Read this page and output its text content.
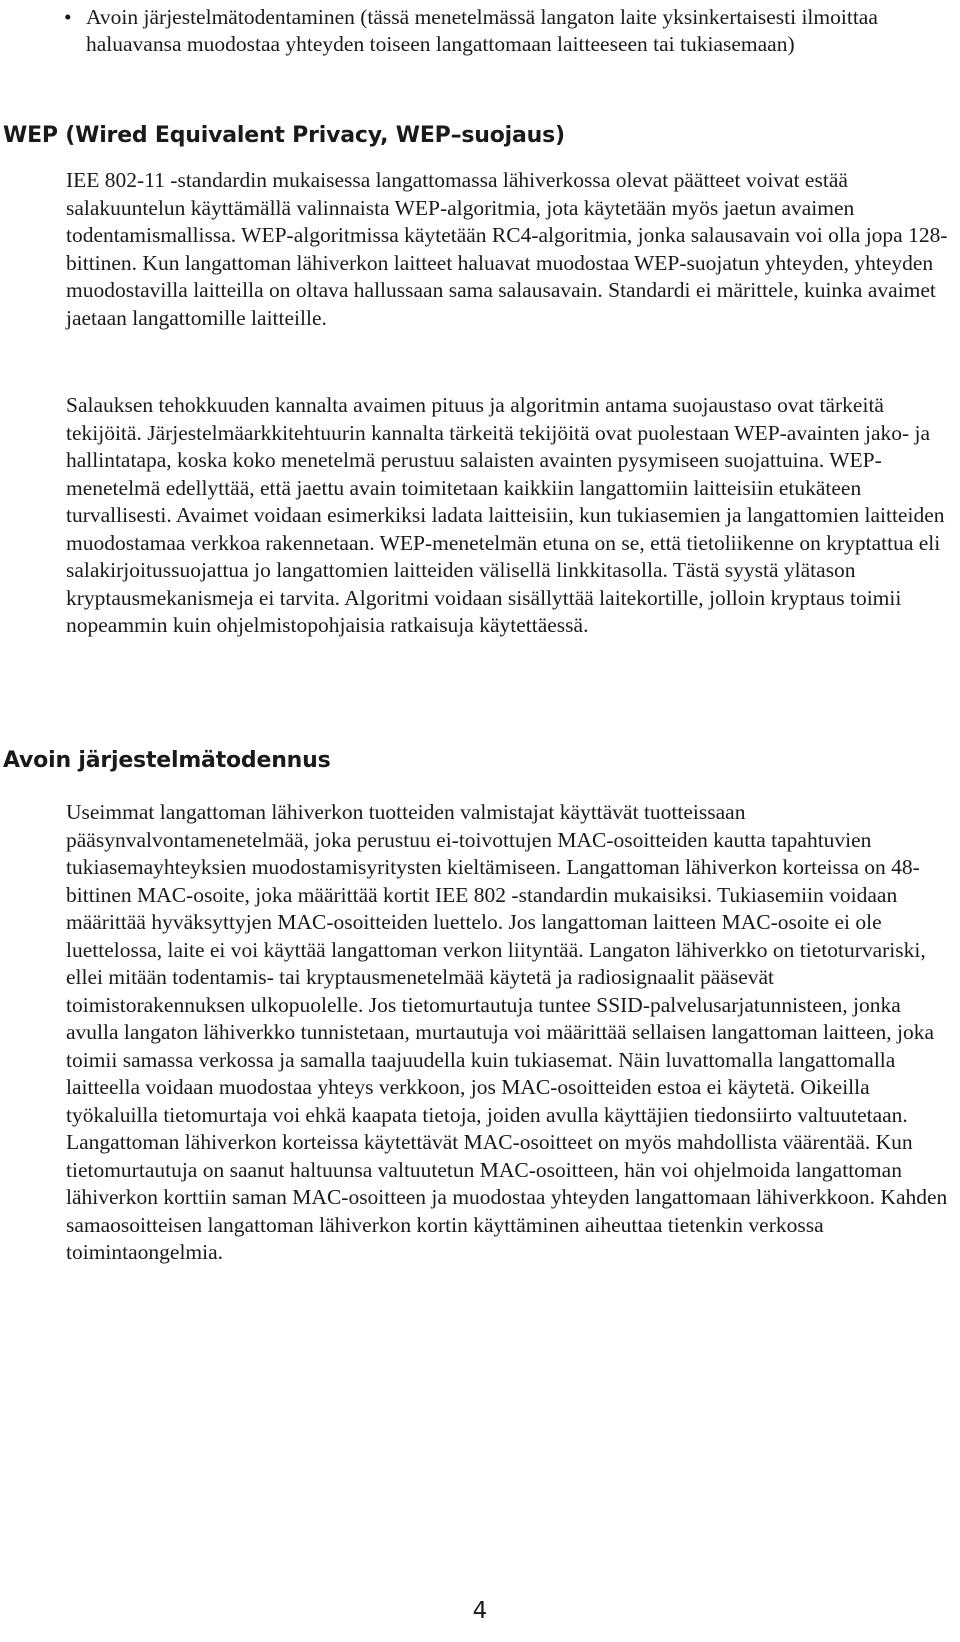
• Avoin järjestelmätodentaminen (tässä menetelmässä langaton laite yksinkertaisesti ilmoittaa haluavansa muodostaa yhteyden toiseen langattomaan laitteeseen tai tukiasemaan)
WEP (Wired Equivalent Privacy, WEP–suojaus)

IEE 802-11 -standardin mukaisessa langattomassa lähiverkossa olevat päätteet voivat estää salakuuntelun käyttämällä valinnaista WEP-algoritmia, jota käytetään myös jaetun avaimen todentamismallissa. WEP-algoritmissa käytetään RC4-algoritmia, jonka salausavain voi olla jopa 128-bittinen. Kun langattoman lähiverkon laitteet haluavat muodostaa WEP-suojatun yhteyden, yhteyden muodostavilla laitteilla on oltava hallussaan sama salausavain. Standardi ei märittele, kuinka avaimet jaetaan langattomille laitteille.

Salauksen tehokkuuden kannalta avaimen pituus ja algoritmin antama suojaustaso ovat tärkeitä tekijöitä. Järjestelmäarkkitehtuurin kannalta tärkeitä tekijöitä ovat puolestaan WEP-avainten jako- ja hallintatapa, koska koko menetelmä perustuu salaisten avainten pysymiseen suojattuina. WEP-menetelmä edellyttää, että jaettu avain toimitetaan kaikkiin langattomiin laitteisiin etukäteen turvallisesti. Avaimet voidaan esimerkiksi ladata laitteisiin, kun tukiasemien ja langattomien laitteiden muodostamaa verkkoa rakennetaan. WEP-menetelmän etuna on se, että tietoliikenne on kryptattua eli salakirjoitussuojattua jo langattomien laitteiden välisellä linkkitasolla. Tästä syystä ylätason kryptausmekanismeja ei tarvita. Algoritmi voidaan sisällyttää laitekortille, jolloin kryptaus toimii nopeammin kuin ohjelmistopohjaisia ratkaisuja käytettäessä.

Avoin järjestelmätodennus

Useimmat langattoman lähiverkon tuotteiden valmistajat käyttävät tuotteissaan pääsynvalvontamenetelmää, joka perustuu ei-toivottujen MAC-osoitteiden kautta tapahtuvien tukiasemayhteyksien muodostamisyritysten kieltämiseen. Langattoman lähiverkon korteissa on 48-bittinen MAC-osoite, joka määrittää kortit IEE 802 -standardin mukaisiksi. Tukiasemiin voidaan määrittää hyväksyttyjen MAC-osoitteiden luettelo. Jos langattoman laitteen MAC-osoite ei ole luettelossa, laite ei voi käyttää langattoman verkon liityntää. Langaton lähiverkko on tietoturvariski, ellei mitään todentamis- tai kryptausmenetelmää käytetä ja radiosignaalit pääsevät toimistorakennuksen ulkopuolelle. Jos tietomurtautuja tuntee SSID-palvelusarjatunnisteen, jonka avulla langaton lähiverkko tunnistetaan, murtautuja voi määrittää sellaisen langattoman laitteen, joka toimii samassa verkossa ja samalla taajuudella kuin tukiasemat. Näin luvattomalla langattomalla laitteella voidaan muodostaa yhteys verkkoon, jos MAC-osoitteiden estoa ei käytetä. Oikeilla työkaluilla tietomurtaja voi ehkä kaapata tietoja, joiden avulla käyttäjien tiedonsiirto valtuutetaan. Langattoman lähiverkon korteissa käytettävät MAC-osoitteet on myös mahdollista väärentää. Kun tietomurtautuja on saanut haltuunsa valtuutetun MAC-osoitteen, hän voi ohjelmoida langattoman lähiverkon korttiin saman MAC-osoitteen ja muodostaa yhteyden langattomaan lähiverkkoon. Kahden samaosoitteisen langattoman lähiverkon kortin käyttäminen aiheuttaa tietenkin verkossa toimintaongelmia.

4
